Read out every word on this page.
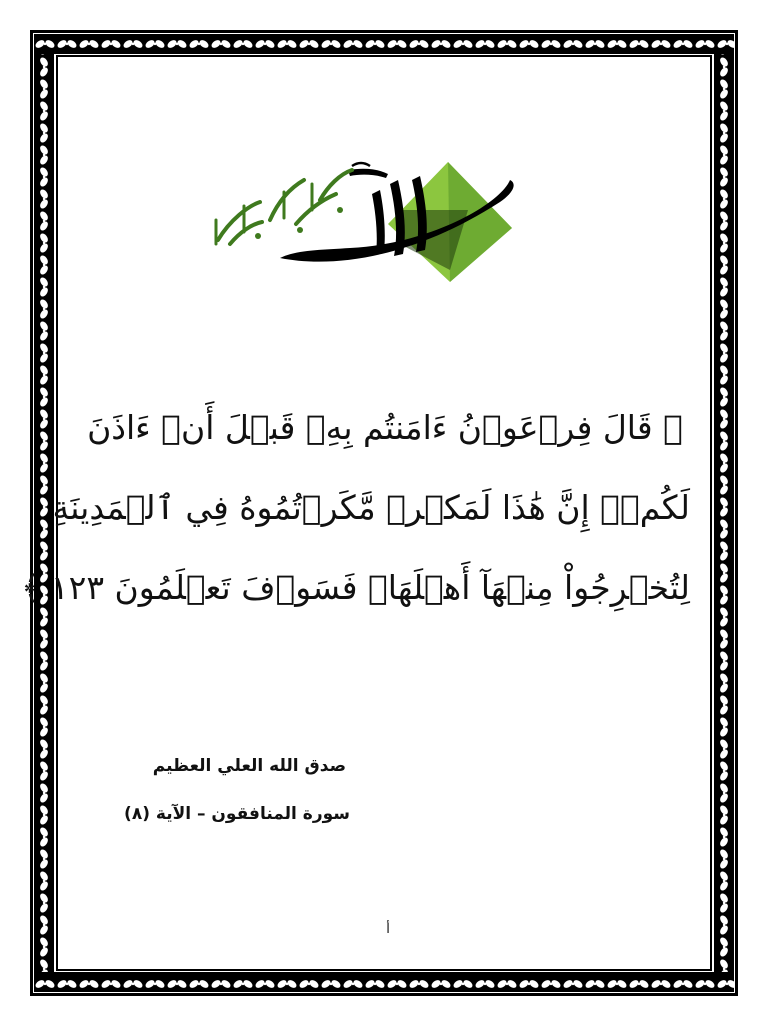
﴿ قَالَ فِرۡعَوۡنُ ءَامَنتُم بِهِۦ قَبۡلَ أَنۡ ءَاذَنَ
لَكُمۡۖ إِنَّ هَٰذَا لَمَكۡرٞ مَّكَرۡتُمُوهُ فِي ٱلۡمَدِينَةِ
لِتُخۡرِجُواْ مِنۡهَآ أَهۡلَهَاۖ فَسَوۡفَ تَعۡلَمُونَ ١٢٣ ﴾
صدق الله العلي العظيم
سورة المنافقون – الآية (٨)
أ
